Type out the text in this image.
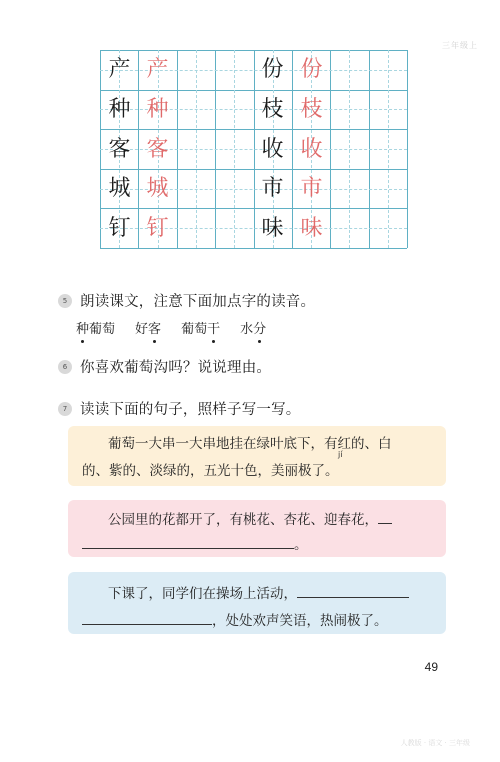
三年级上
产
种
客
城
钉
产
种
客
城
钉
份
枝
收
市
味
份
枝
收
市
味
5 朗读课文，注意下面加点字的读音。
种葡萄 好客 葡萄干 水分
6 你喜欢葡萄沟吗？说说理由。
7 读读下面的句子，照样子写一写。
jí
葡萄一大串一大串地挂在绿叶底下，有红的、白
的、紫的、淡绿的，五光十色，美丽极了。
公园里的花都开了，有桃花、杏花、迎春花，
。
下课了，同学们在操场上活动，
，处处欢声笑语，热闹极了。
49
人教版 · 语文 · 三年级
